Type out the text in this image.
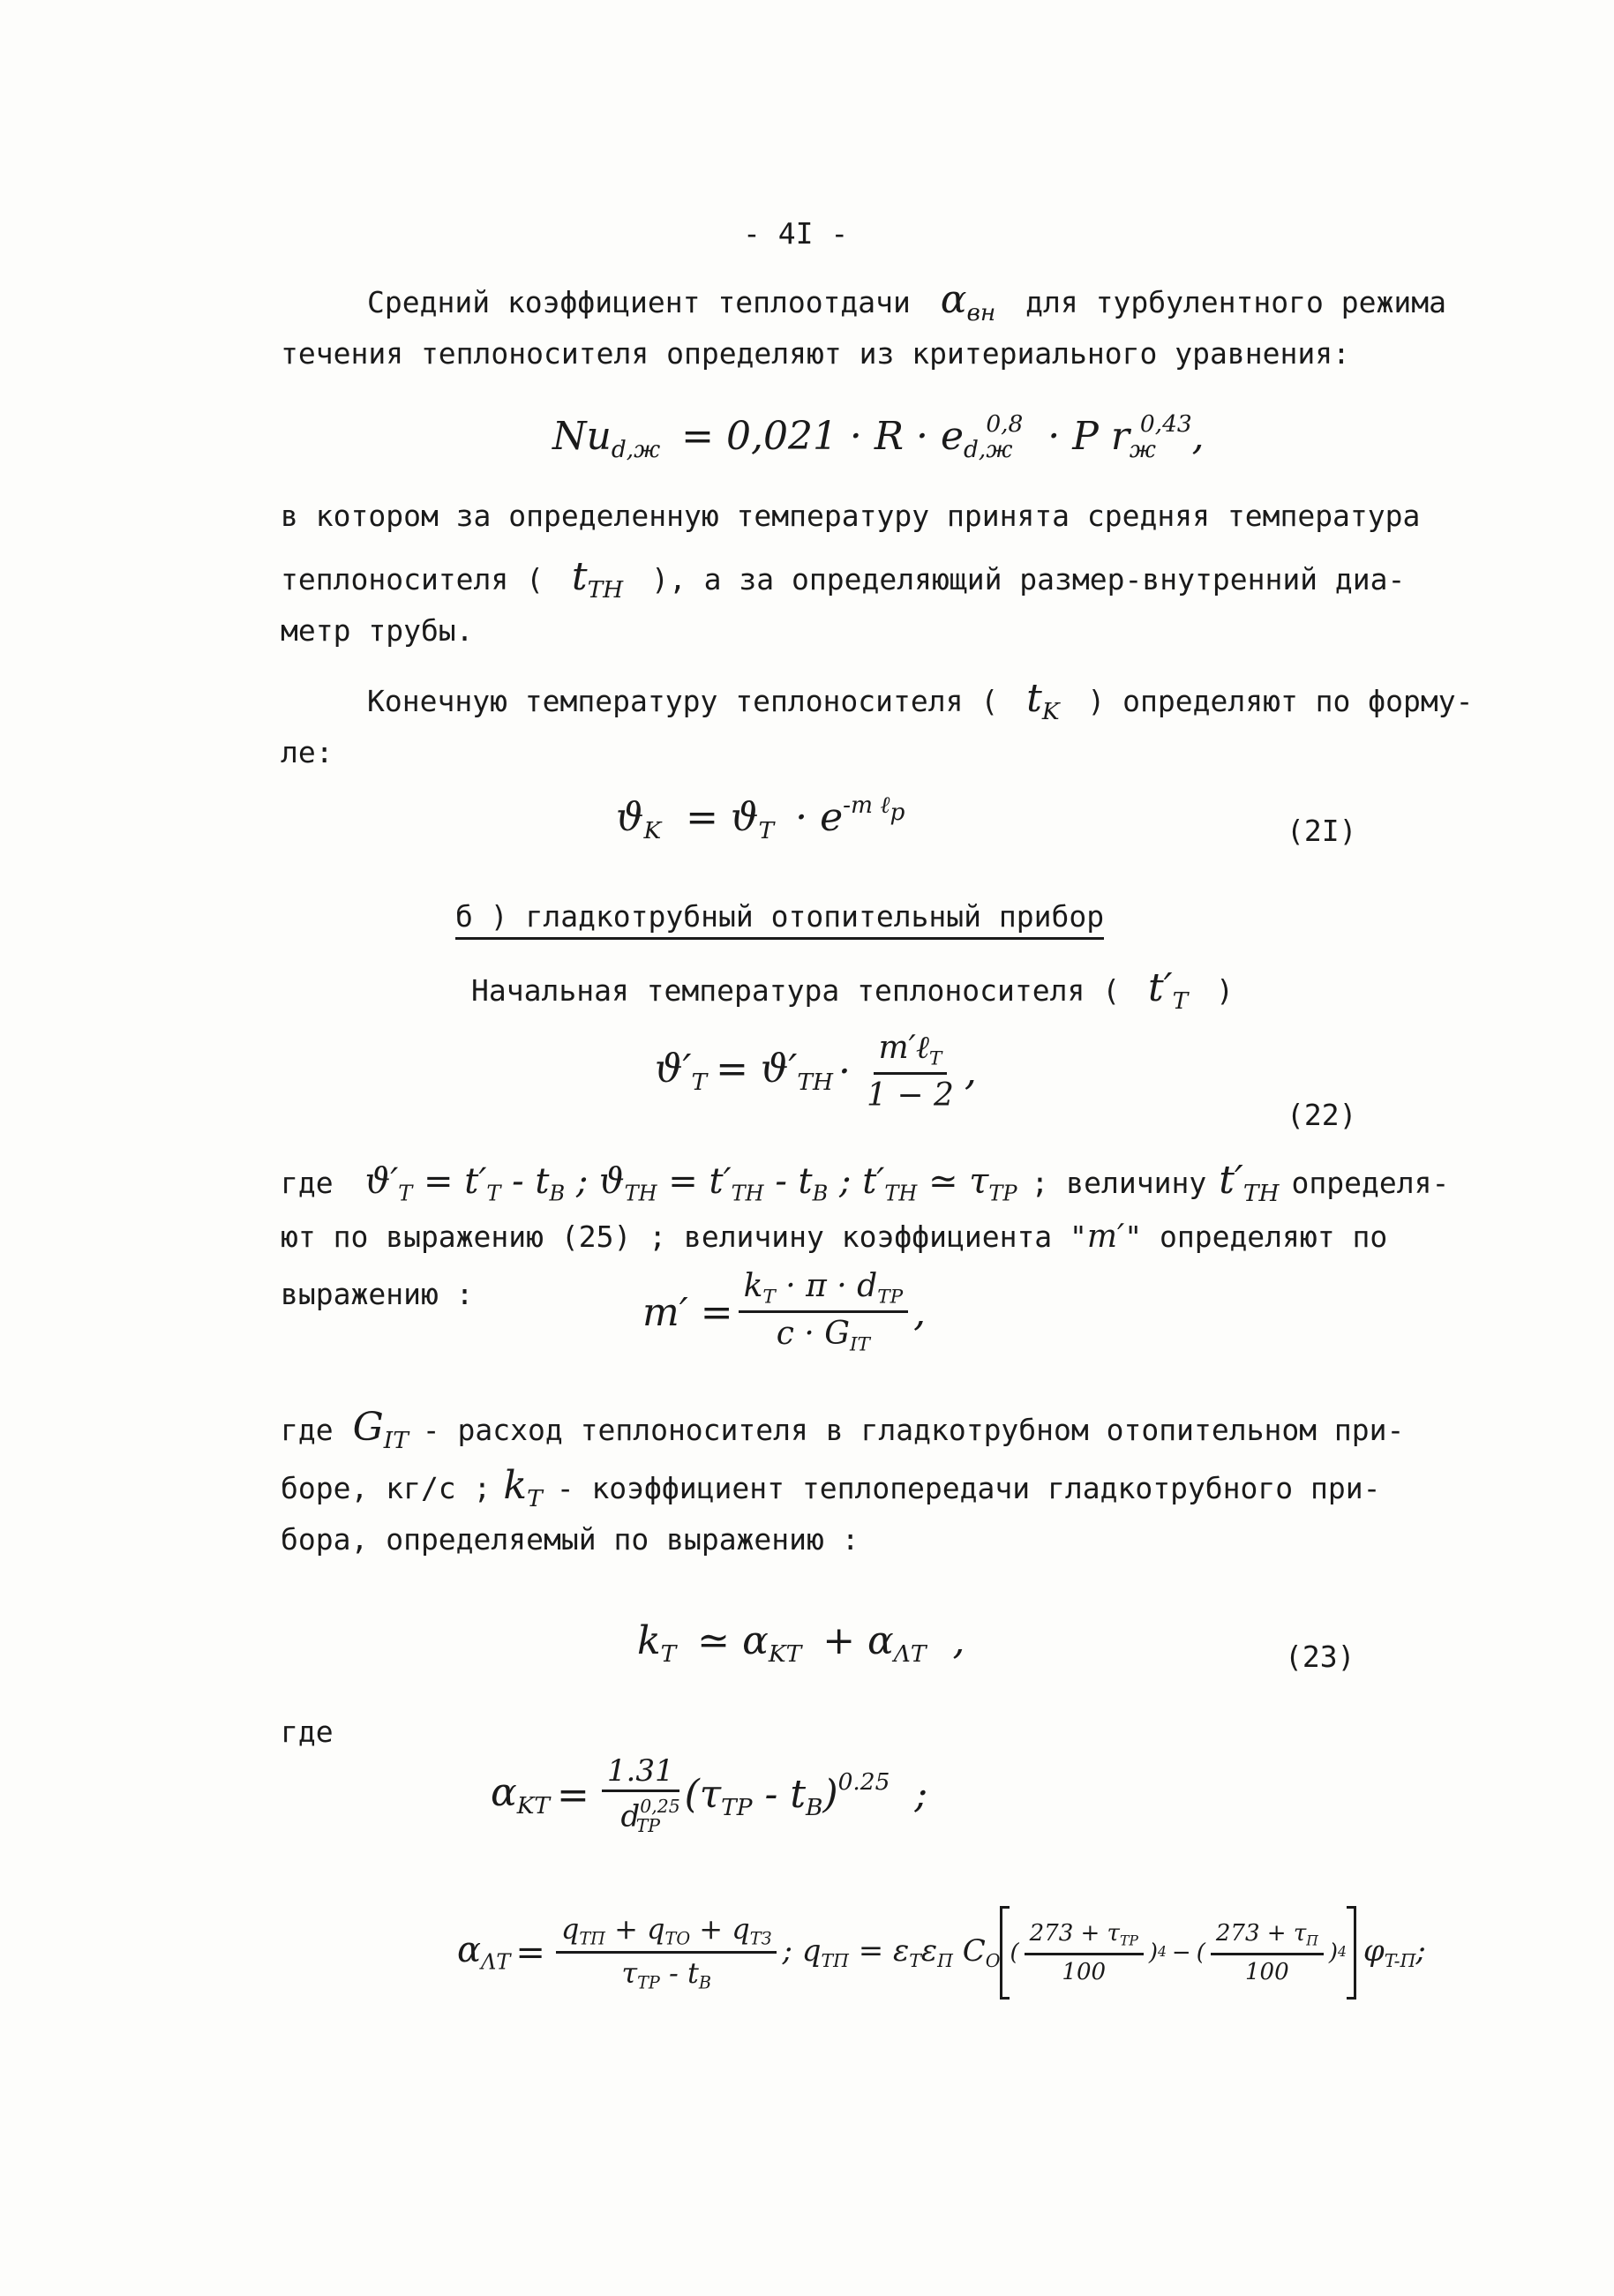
- 4I -
Средний коэффициент теплоотдачи $\alpha_{вн}$ для турбулентного режима
течения теплоносителя определяют из критериального уравнения:
$Nu_{d,ж} = 0,021 \cdot R \cdot e_{d,ж}^{0,8} \cdot P$ $r_ж^{0,43}$,
в котором за определенную температуру принята средняя температура
теплоносителя ( $t_{TH}$ ), а за определяющий размер-внутренний диа-
метр трубы.
Конечную температуру теплоносителя ( $t_K$ ) определяют по форму-
ле:
$ϑ_K = ϑ_T \cdot e^{-m \ell p}$
(2I)
б ) гладкотрубный отопительный прибор
Начальная температура теплоносителя ( $t'_T$ )
$ϑ'_T = ϑ'_{TH} \cdot \frac{m'\ell_T}{1 - 2}$ ,
(22)
где $ϑ'_T = t'_T - t_B$ ; $ϑ_{TH} = t'_{TH} - t_B$ ; $t'_{TH}$ ≃ $\tau_{TP}$ ; величину $t'_{TH}$ определя-
ют по выражению (25) ; величину коэффициента "m′" определяют по
выражению :	$m' = \frac{k_T \cdot \pi \cdot d_{TP}}{c \cdot G_{IT}}$ ,
где $G_{IT}$ - расход теплоносителя в гладкотрубном отопительном при-
боре, кг/с ; $k_T$ - коэффициент теплопередачи гладкотрубного при-
бора, определяемый по выражению :
$k_T$ ≃ $\alpha_{KT} + \alpha_{\Lambda T}$ ,	(23)
где
$\alpha_{KT} = \frac{1.31}{d^{0,25}_{TP}} (\tau_{TP} - t_B)^{0.25}$ ;
$\alpha_{\Lambda T} = \frac{q_{TП} + q_{TO} + q_{TЗ}}{\tau_{TP} - t_B}$ ; $q_{TП} = \varepsilon_T\varepsilon_П$ $C_O$ ( $\frac{273 + \tau_{TP}}{100}$ ) 4 − ( $\frac{273 + \tau_П}{100}$ ) 4 $\varphi_{T-П}$;
